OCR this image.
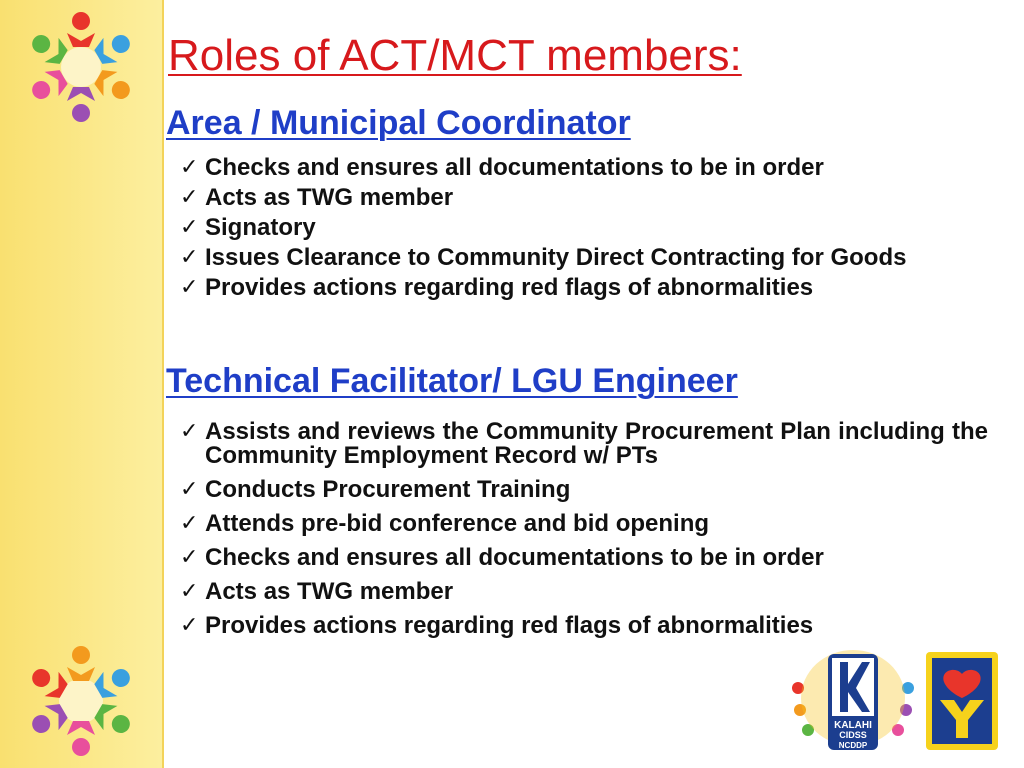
Roles of ACT/MCT members:
Area / Municipal Coordinator
✓ Checks and ensures all documentations to be in order
✓ Acts as TWG member
✓ Signatory
✓ Issues Clearance to Community Direct Contracting for Goods
✓ Provides actions regarding red flags of abnormalities
Technical Facilitator/ LGU Engineer
✓ Assists and reviews the Community Procurement Plan including the Community Employment Record w/ PTs
✓ Conducts Procurement Training
✓ Attends pre-bid conference and bid opening
✓ Checks and ensures all documentations to be in order
✓ Acts as TWG member
✓ Provides actions regarding red flags of abnormalities
KALAHI
CIDSS
NCDDP
